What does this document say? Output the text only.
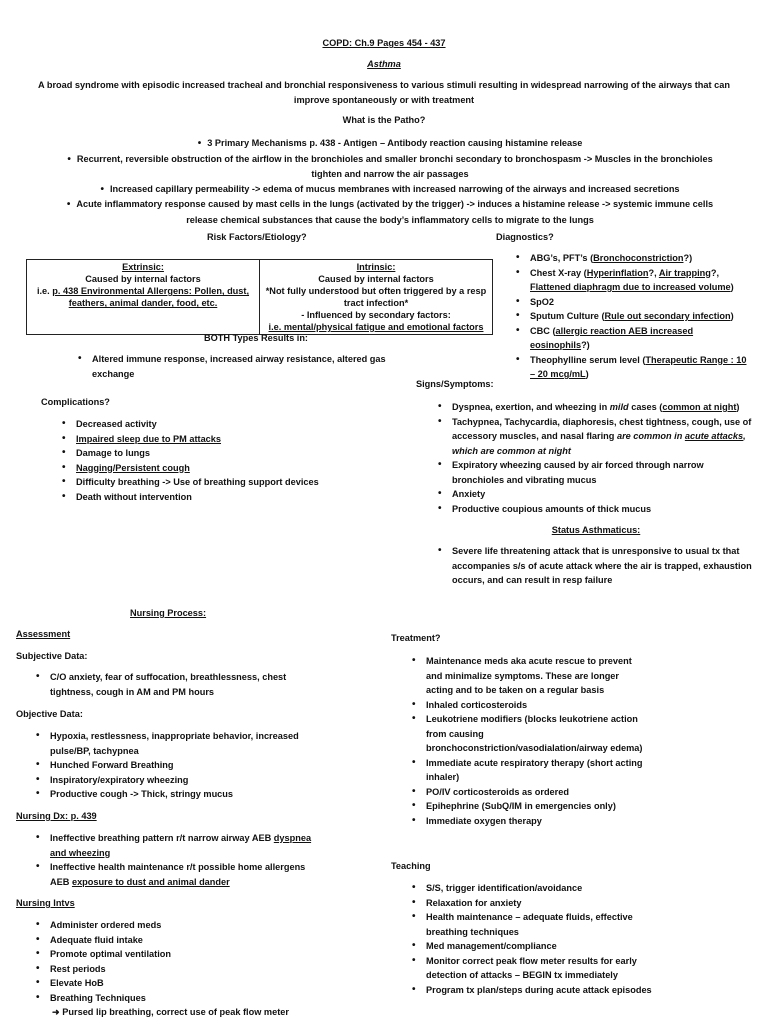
COPD: Ch.9 Pages 454 - 437
Asthma
A broad syndrome with episodic increased tracheal and bronchial responsiveness to various stimuli resulting in widespread narrowing of the airways that can improve spontaneously or with treatment
What is the Patho?
• 3 Primary Mechanisms p. 438 - Antigen – Antibody reaction causing histamine release
• Recurrent, reversible obstruction of the airflow in the bronchioles and smaller bronchi secondary to bronchospasm -> Muscles in the bronchioles tighten and narrow the air passages
• Increased capillary permeability -> edema of mucus membranes with increased narrowing of the airways and increased secretions
• Acute inflammatory response caused by mast cells in the lungs (activated by the trigger) -> induces a histamine release -> systemic immune cells release chemical substances that cause the body’s inflammatory cells to migrate to the lungs
Risk Factors/Etiology?
Extrinsic:
Caused by internal factors
i.e. p. 438 Environmental Allergens: Pollen, dust, feathers, animal dander, food, etc.

Intrinsic:
Caused by internal factors
*Not fully understood but often triggered by a resp tract infection*
- Influenced by secondary factors:
i.e. mental/physical fatigue and emotional factors
BOTH Types Results in:
• Altered immune response, increased airway resistance, altered gas exchange
Diagnostics?
• ABG’s, PFT’s (Bronchoconstriction?)
• Chest X-ray (Hyperinflation?, Air trapping?, Flattened diaphragm due to increased volume)
• SpO2
• Sputum Culture (Rule out secondary infection)
• CBC (allergic reaction AEB increased eosinophils?)
• Theophylline serum level (Therapeutic Range : 10 – 20 mcg/mL)
Complications?
• Decreased activity
• Impaired sleep due to PM attacks
• Damage to lungs
• Nagging/Persistent cough
• Difficulty breathing -> Use of breathing support devices
• Death without intervention
Signs/Symptoms:
• Dyspnea, exertion, and wheezing in mild cases (common at night)
• Tachypnea, Tachycardia, diaphoresis, chest tightness, cough, use of accessory muscles, and nasal flaring are common in acute attacks, which are common at night
• Expiratory wheezing caused by air forced through narrow bronchioles and vibrating mucus
• Anxiety
• Productive coupious amounts of thick mucus
Status Asthmaticus:
• Severe life threatening attack that is unresponsive to usual tx that accompanies s/s of acute attack where the air is trapped, exhaustion occurs, and can result in resp failure
Nursing Process:
Assessment
Subjective Data:
• C/O anxiety, fear of suffocation, breathlessness, chest tightness, cough in AM and PM hours
Objective Data:
• Hypoxia, restlessness, inappropriate behavior, increased pulse/BP, tachypnea
• Hunched Forward Breathing
• Inspiratory/expiratory wheezing
• Productive cough -> Thick, stringy mucus
Nursing Dx: p. 439
• Ineffective breathing pattern r/t narrow airway AEB dyspnea and wheezing
• Ineffective health maintenance r/t possible home allergens AEB exposure to dust and animal dander
Nursing Intvs
• Administer ordered meds
• Adequate fluid intake
• Promote optimal ventilation
• Rest periods
• Elevate HoB
• Breathing Techniques
➜ Pursed lip breathing, correct use of peak flow meter
Treatment?
• Maintenance meds aka acute rescue to prevent and minimalize symptoms. These are longer acting and to be taken on a regular basis
• Inhaled corticosteroids
• Leukotriene modifiers (blocks leukotriene action from causing bronchoconstriction/vasodialation/airway edema)
• Immediate acute respiratory therapy (short acting inhaler)
• PO/IV corticosteroids as ordered
• Epihephrine (SubQ/IM in emergencies only)
• Immediate oxygen therapy
Teaching
• S/S, trigger identification/avoidance
• Relaxation for anxiety
• Health maintenance – adequate fluids, effective breathing techniques
• Med management/compliance
• Monitor correct peak flow meter results for early detection of attacks – BEGIN tx immediately
• Program tx plan/steps during acute attack episodes
